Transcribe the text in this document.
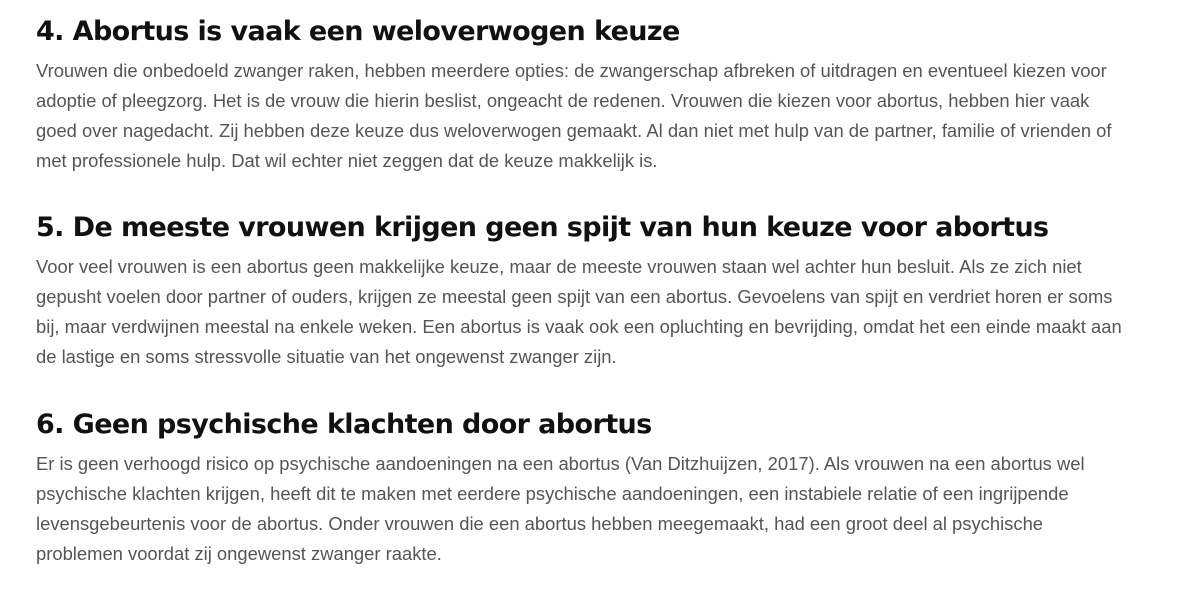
4. Abortus is vaak een weloverwogen keuze

Vrouwen die onbedoeld zwanger raken, hebben meerdere opties: de zwangerschap afbreken of uitdragen en eventueel kiezen voor
adoptie of pleegzorg. Het is de vrouw die hierin beslist, ongeacht de redenen. Vrouwen die kiezen voor abortus, hebben hier vaak
goed over nagedacht. Zij hebben deze keuze dus weloverwogen gemaakt. Al dan niet met hulp van de partner, familie of vrienden of
met professionele hulp. Dat wil echter niet zeggen dat de keuze makkelijk is.

5. De meeste vrouwen krijgen geen spijt van hun keuze voor abortus

Voor veel vrouwen is een abortus geen makkelijke keuze, maar de meeste vrouwen staan wel achter hun besluit. Als ze zich niet
gepusht voelen door partner of ouders, krijgen ze meestal geen spijt van een abortus. Gevoelens van spijt en verdriet horen er soms
bij, maar verdwijnen meestal na enkele weken. Een abortus is vaak ook een opluchting en bevrijding, omdat het een einde maakt aan
de lastige en soms stressvolle situatie van het ongewenst zwanger zijn.

6. Geen psychische klachten door abortus

Er is geen verhoogd risico op psychische aandoeningen na een abortus (Van Ditzhuijzen, 2017). Als vrouwen na een abortus wel
psychische klachten krijgen, heeft dit te maken met eerdere psychische aandoeningen, een instabiele relatie of een ingrijpende
levensgebeurtenis voor de abortus. Onder vrouwen die een abortus hebben meegemaakt, had een groot deel al psychische
problemen voordat zij ongewenst zwanger raakte.
